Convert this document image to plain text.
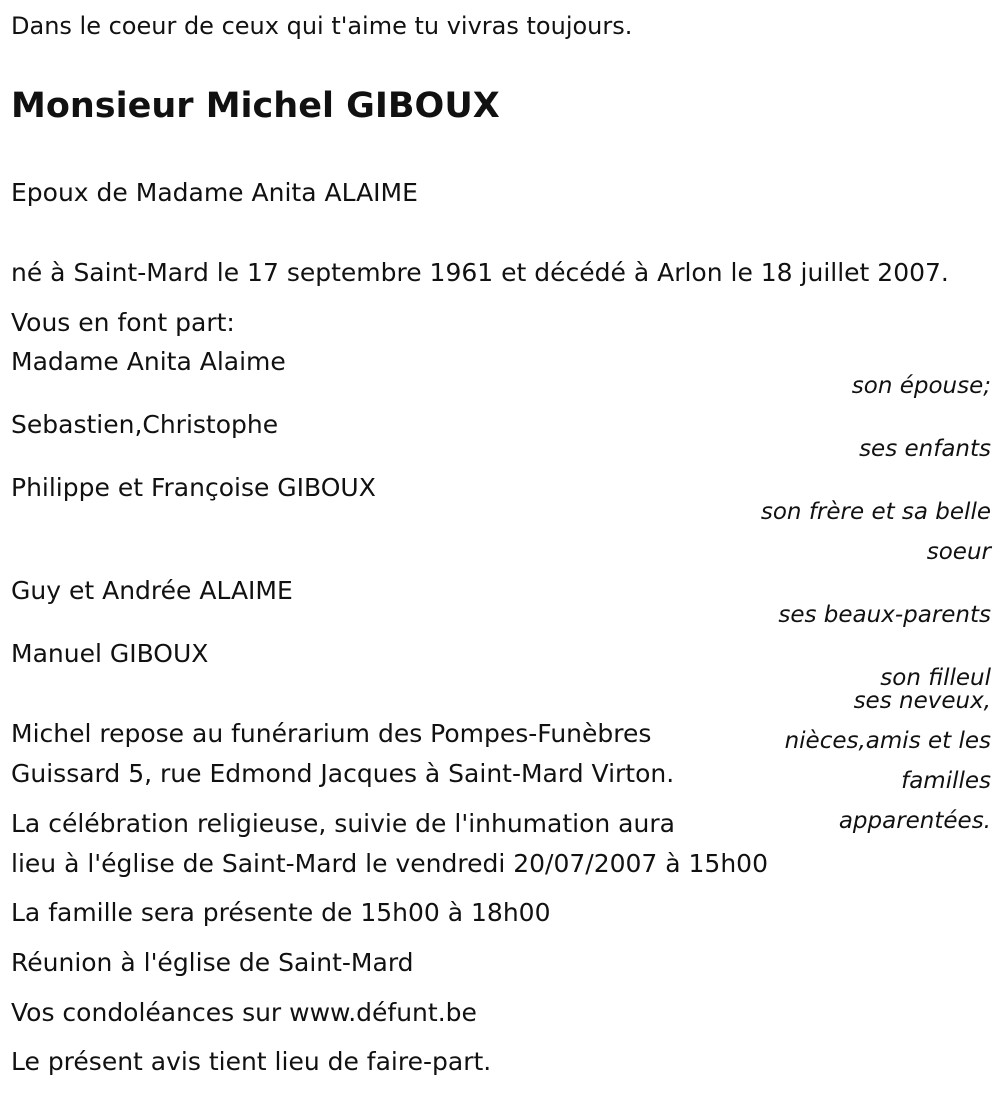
Dans le coeur de ceux qui t'aime tu vivras toujours.
Monsieur Michel GIBOUX
Epoux de Madame Anita ALAIME
né à Saint-Mard le 17 septembre 1961 et décédé à Arlon le 18 juillet 2007.
Vous en font part:
Madame Anita Alaime
son épouse;
Sebastien,Christophe
ses enfants
Philippe et Françoise GIBOUX
son frère et sa belle
soeur
Guy et Andrée ALAIME
ses beaux-parents
Manuel GIBOUX
son filleul
ses neveux,
nièces,amis et les
familles
apparentées.
Michel repose au funérarium des Pompes-Funèbres
Guissard 5, rue Edmond Jacques à Saint-Mard Virton.
La célébration religieuse, suivie de l'inhumation aura
lieu à l'église de Saint-Mard le vendredi 20/07/2007 à 15h00
La famille sera présente de 15h00 à 18h00
Réunion à l'église de Saint-Mard
Vos condoléances sur www.défunt.be
Le présent avis tient lieu de faire-part.
